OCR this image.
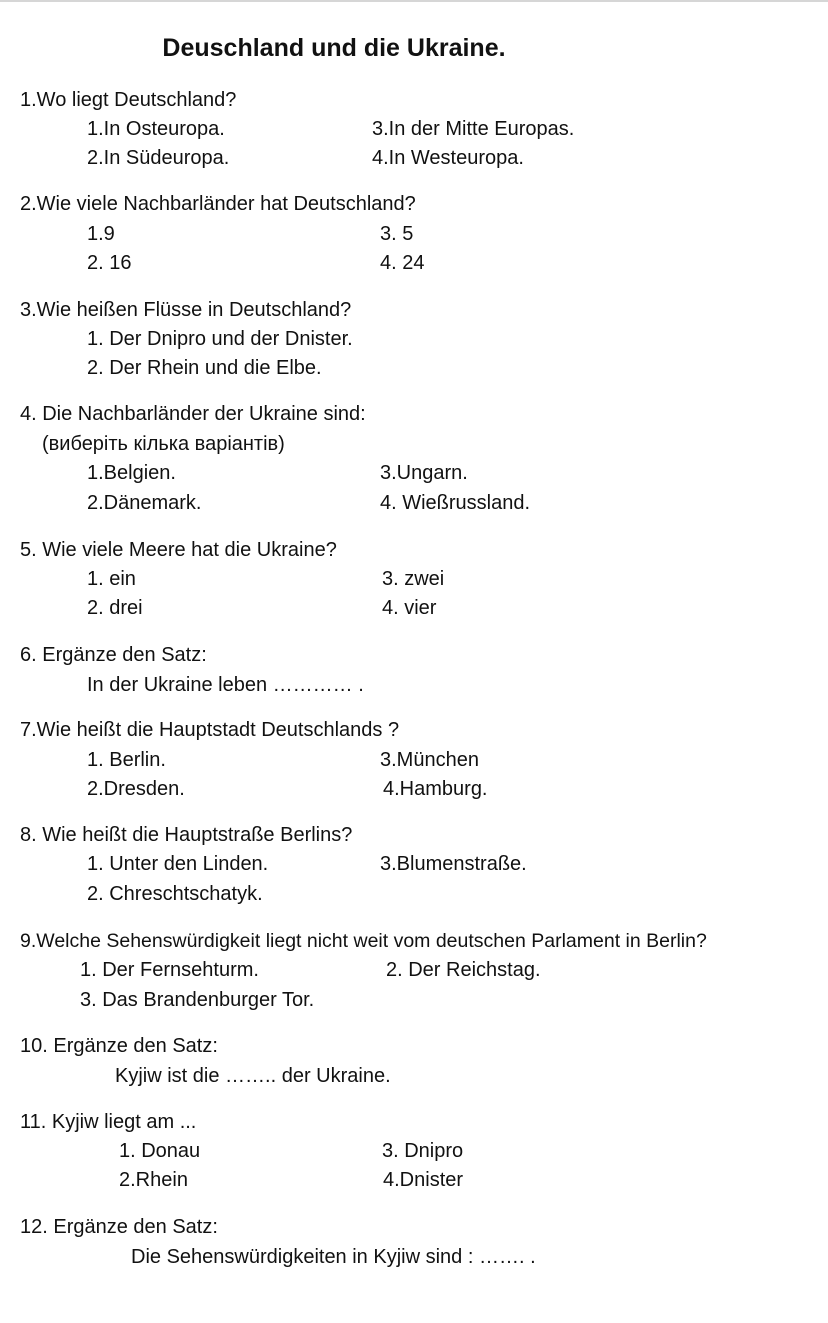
Deuschland und die Ukraine.
1.Wo liegt Deutschland?
1.In Osteuropa.	3.In der Mitte Europas.
2.In Südeuropa.	4.In Westeuropa.
2.Wie viele Nachbarländer hat Deutschland?
1.9	3. 5
2. 16	4. 24
3.Wie heißen Flüsse in Deutschland?
1. Der Dnipro und der Dnister.
2. Der Rhein und die Elbe.
4. Die Nachbarländer der Ukraine sind:
(виберіть кілька варіантів)
1.Belgien.	3.Ungarn.
2.Dänemark.	4. Wießrussland.
5. Wie viele Meere hat die Ukraine?
1. ein	3. zwei
2. drei	4. vier
6. Ergänze den Satz:
In der Ukraine leben ………… .
7.Wie heißt die Hauptstadt Deutschlands ?
1. Berlin.	3.München
2.Dresden.	4.Hamburg.
8. Wie heißt die Hauptstraße Berlins?
1. Unter den Linden.	3.Blumenstraße.
2. Chreschtschatyk.
9.Welche Sehenswürdigkeit liegt nicht weit vom deutschen Parlament in Berlin?
1. Der Fernsehturm.	2. Der Reichstag.
3. Das Brandenburger Tor.
10. Ergänze den Satz:
Kyjiw ist die …….. der Ukraine.
11. Kyjiw liegt am ...
1. Donau	3. Dnipro
2.Rhein	4.Dnister
12. Ergänze den Satz:
Die Sehenswürdigkeiten in Kyjiw sind : ……. .
